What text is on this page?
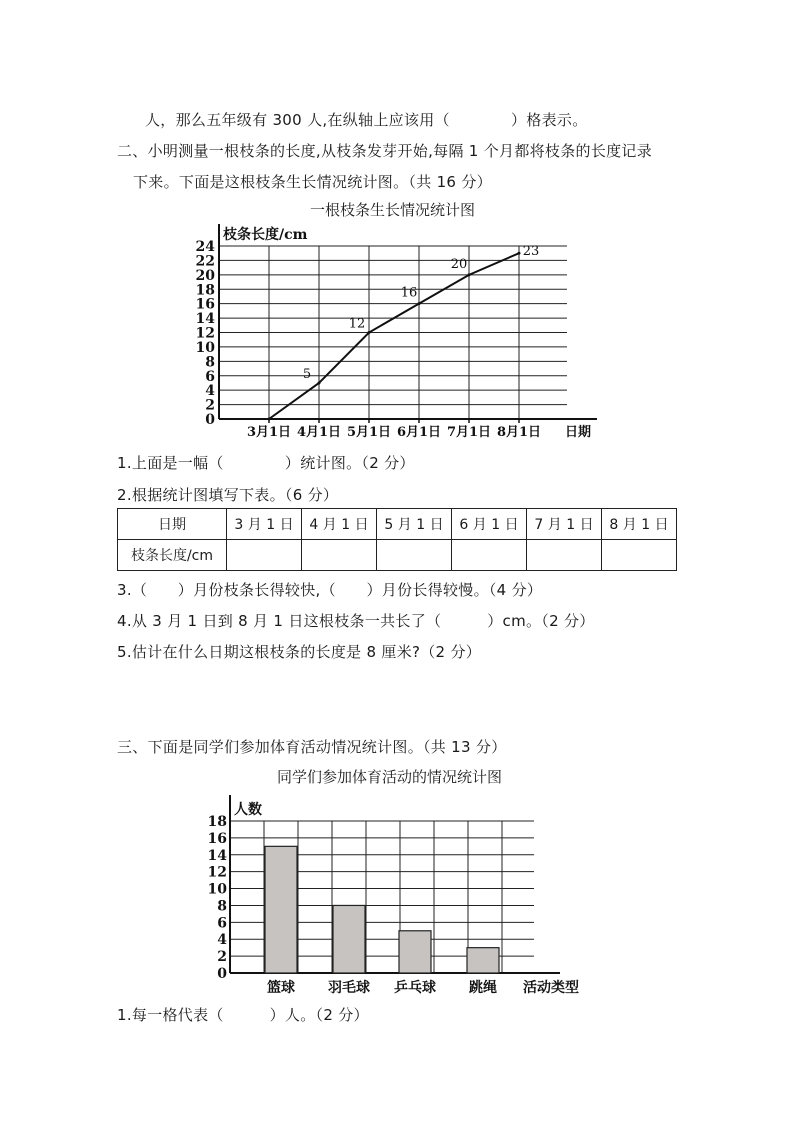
人，那么五年级有 300 人,在纵轴上应该用（　　　　）格表示。
二、小明测量一根枝条的长度,从枝条发芽开始,每隔 1 个月都将枝条的长度记录
下来。下面是这根枝条生长情况统计图。（共 16 分）
一根枝条生长情况统计图
0
2
4
6
8
10
12
14
16
18
20
22
24
枝条长度/cm
3月1日 4月1日 5月1日 6月1日 7月1日 8月1日 日期
5
12
16
20
23
1.上面是一幅（　　　　）统计图。（2 分）
2.根据统计图填写下表。（6 分）
日期	3 月 1 日	4 月 1 日	5 月 1 日	6 月 1 日	7 月 1 日	8 月 1 日
枝条长度/cm						
3.（　　）月份枝条长得较快,（　　）月份长得较慢。（4 分）
4.从 3 月 1 日到 8 月 1 日这根枝条一共长了（　　　）cm。（2 分）
5.估计在什么日期这根枝条的长度是 8 厘米?（2 分）
三、下面是同学们参加体育活动情况统计图。（共 13 分）
同学们参加体育活动的情况统计图
0
2
4
6
8
10
12
14
16
18
人数
篮球 羽毛球 乒乓球 跳绳 活动类型
1.每一格代表（　　　）人。（2 分）
